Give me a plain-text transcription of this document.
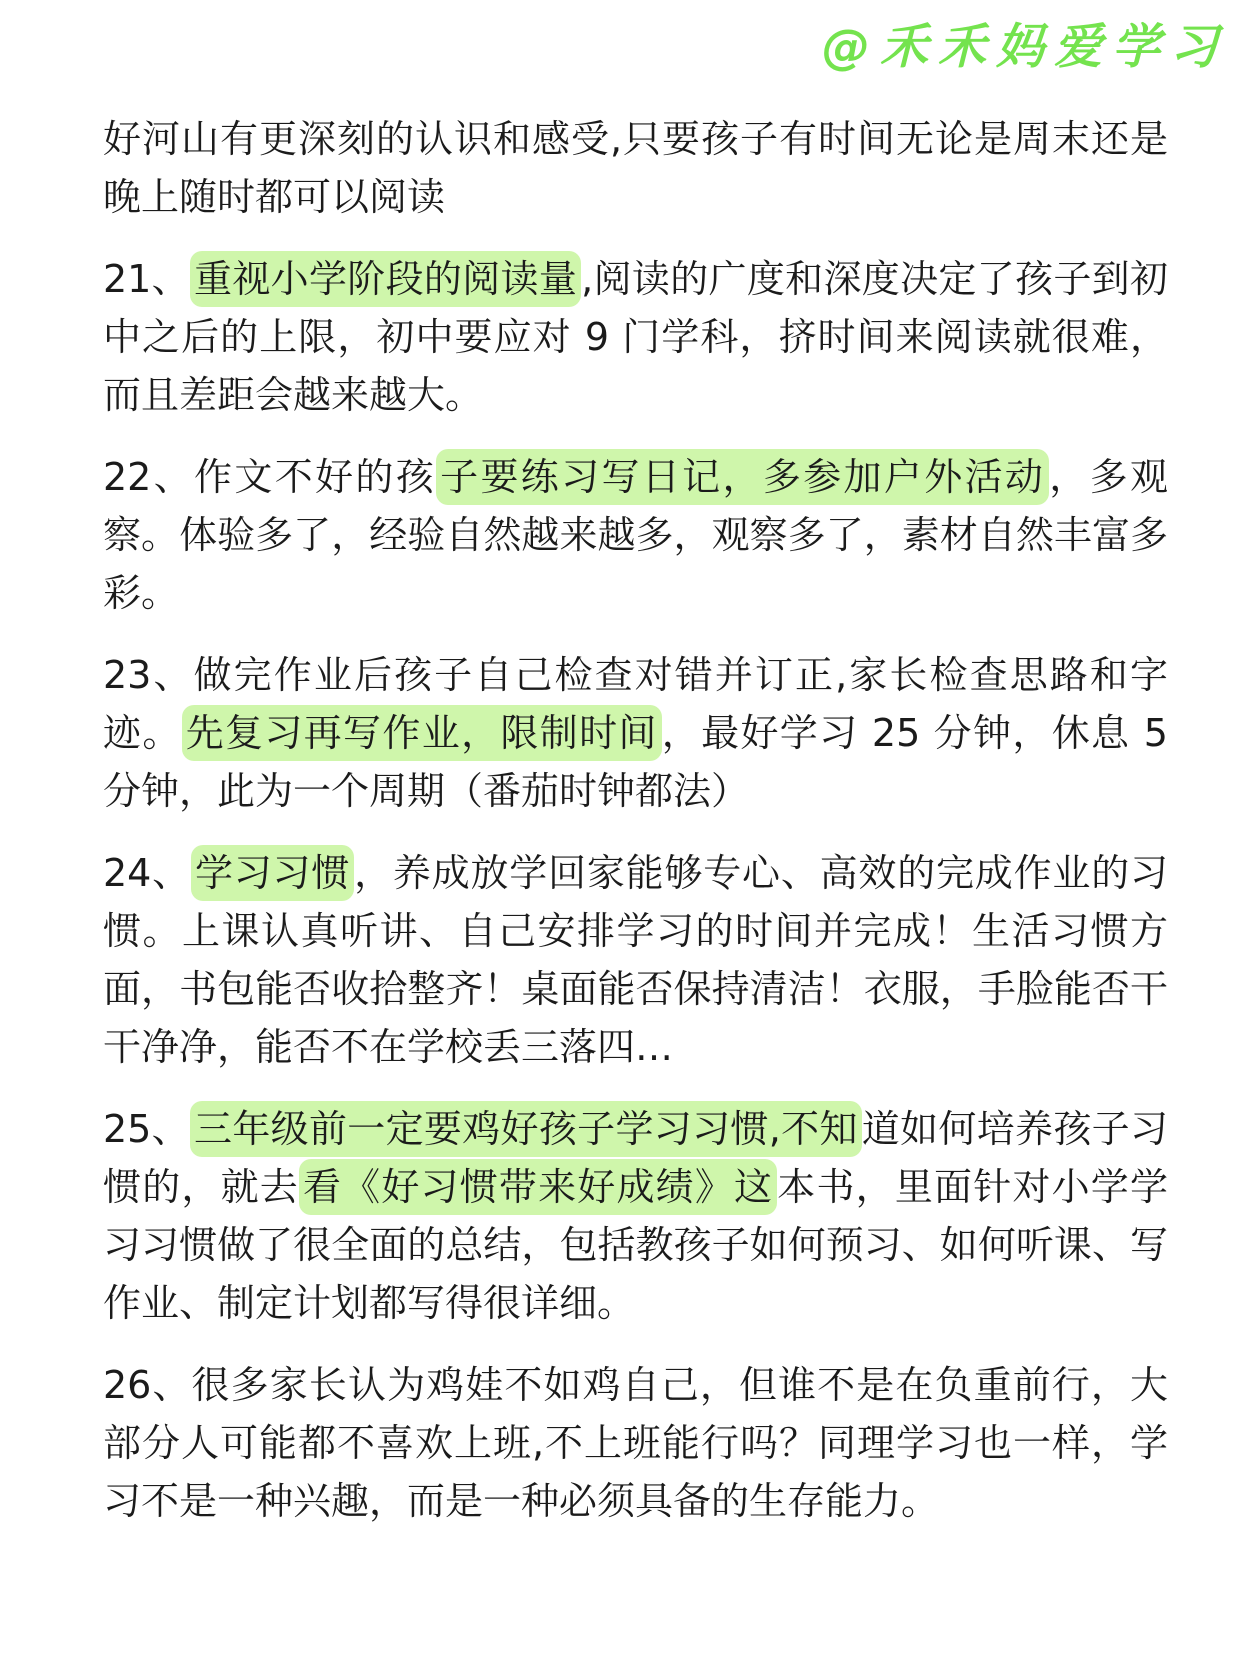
@禾禾妈爱学习
好河山有更深刻的认识和感受,只要孩子有时间无论是周末还是晚上随时都可以阅读
21、 重视小学阶段的阅读量 ,阅读的广度和深度决定了孩子到初中之后的上限，初中要应对 9 门学科，挤时间来阅读就很难，而且差距会越来越大。
22、作文不好的孩 子要练习写日记，多参加户外活动 ，多观察。体验多了，经验自然越来越多，观察多了，素材自然丰富多彩。
23、做完作业后孩子自己检查对错并订正,家长检查思路和字迹。 先复习再写作业，限制时间 ，最好学习 25 分钟，休息 5 分钟，此为一个周期（番茄时钟都法）
24、 学习习惯 ，养成放学回家能够专心、高效的完成作业的习惯。上课认真听讲、自己安排学习的时间并完成！生活习惯方面，书包能否收拾整齐！桌面能否保持清洁！衣服，手脸能否干干净净，能否不在学校丢三落四…
25、 三年级前一定要鸡好孩子学习习惯,不知 道如何培养孩子习惯的，就去 看《好习惯带来好成绩》这 本书，里面针对小学学习习惯做了很全面的总结，包括教孩子如何预习、如何听课、写作业、制定计划都写得很详细。
26、很多家长认为鸡娃不如鸡自己，但谁不是在负重前行，大部分人可能都不喜欢上班,不上班能行吗？同理学习也一样，学习不是一种兴趣，而是一种必须具备的生存能力。
